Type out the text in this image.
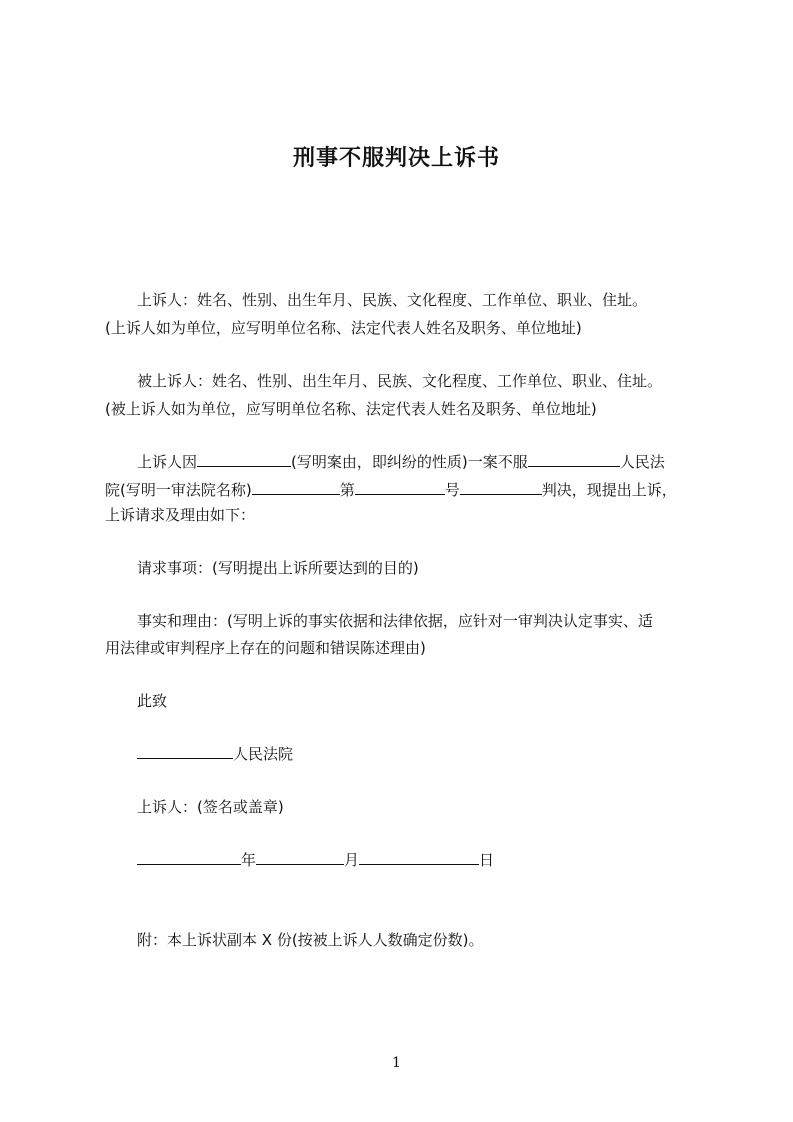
刑事不服判决上诉书
上诉人：姓名、性别、出生年月、民族、文化程度、工作单位、职业、住址。
(上诉人如为单位，应写明单位名称、法定代表人姓名及职务、单位地址)
被上诉人：姓名、性别、出生年月、民族、文化程度、工作单位、职业、住址。
(被上诉人如为单位，应写明单位名称、法定代表人姓名及职务、单位地址)
上诉人因	(写明案由，即纠纷的性质)一案不服	人民法
院(写明一审法院名称)	第	号	判决，现提出上诉，
上诉请求及理由如下：
请求事项：(写明提出上诉所要达到的目的)
事实和理由：(写明上诉的事实依据和法律依据，应针对一审判决认定事实、适
用法律或审判程序上存在的问题和错误陈述理由)
此致
人民法院
上诉人：(签名或盖章)
年	月	日
附：本上诉状副本 X 份(按被上诉人人数确定份数)。
1
